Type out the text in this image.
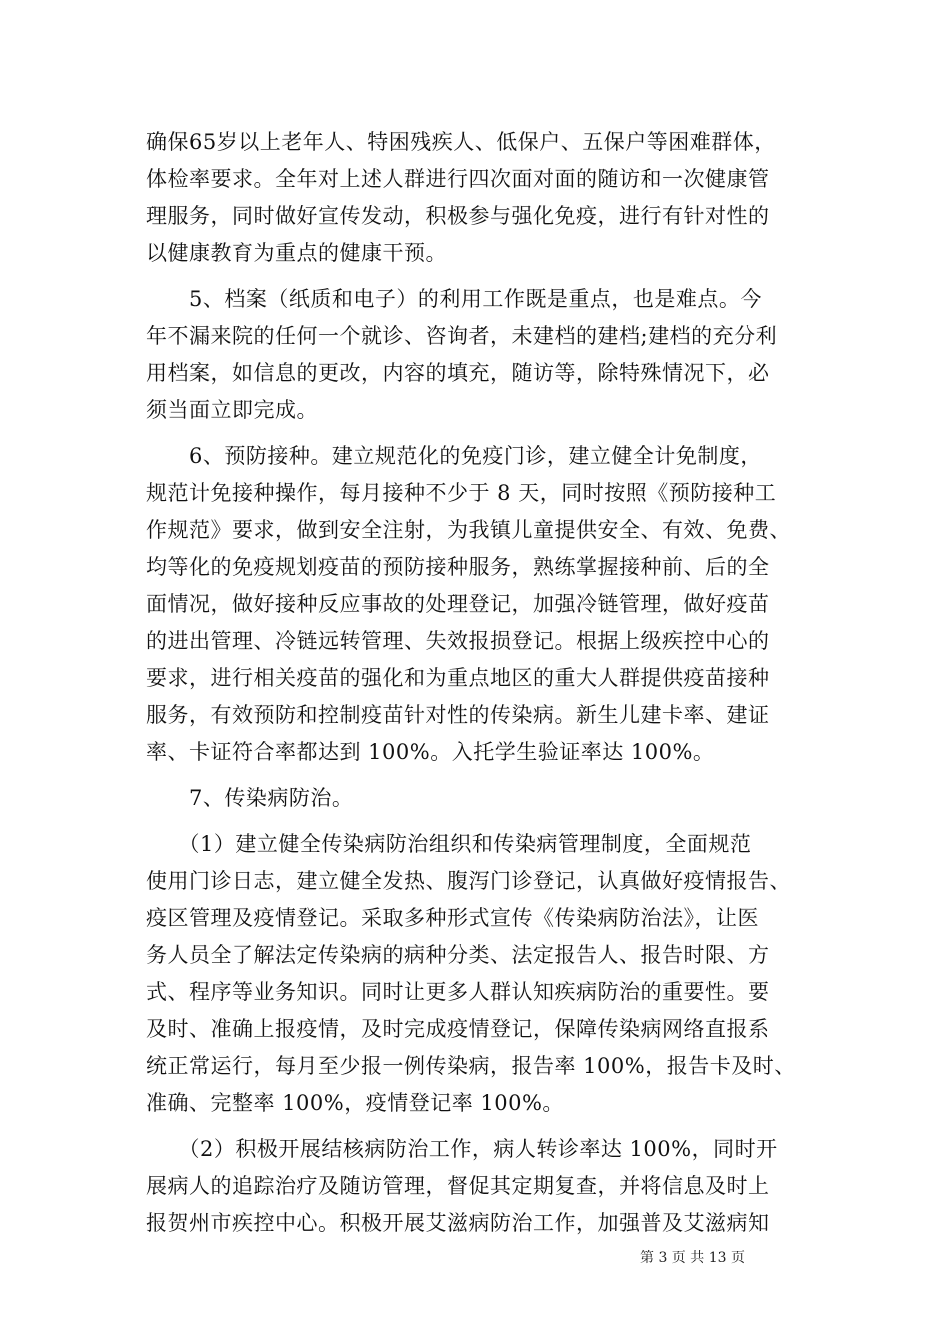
确保65岁以上老年人、特困残疾人、低保户、五保户等困难群体，
体检率要求。全年对上述人群进行四次面对面的随访和一次健康管
理服务，同时做好宣传发动，积极参与强化免疫，进行有针对性的
以健康教育为重点的健康干预。
　　5、档案（纸质和电子）的利用工作既是重点，也是难点。今
年不漏来院的任何一个就诊、咨询者，未建档的建档;建档的充分利
用档案，如信息的更改，内容的填充，随访等，除特殊情况下，必
须当面立即完成。
　　6、预防接种。建立规范化的免疫门诊，建立健全计免制度，
规范计免接种操作，每月接种不少于 8 天，同时按照《预防接种工
作规范》要求，做到安全注射，为我镇儿童提供安全、有效、免费、
均等化的免疫规划疫苗的预防接种服务，熟练掌握接种前、后的全
面情况，做好接种反应事故的处理登记，加强冷链管理，做好疫苗
的进出管理、冷链远转管理、失效报损登记。根据上级疾控中心的
要求，进行相关疫苗的强化和为重点地区的重大人群提供疫苗接种
服务，有效预防和控制疫苗针对性的传染病。新生儿建卡率、建证
率、卡证符合率都达到 100%。入托学生验证率达 100%。
　　7、传染病防治。
　　（1）建立健全传染病防治组织和传染病管理制度，全面规范
使用门诊日志，建立健全发热、腹泻门诊登记，认真做好疫情报告、
疫区管理及疫情登记。采取多种形式宣传《传染病防治法》，让医
务人员全了解法定传染病的病种分类、法定报告人、报告时限、方
式、程序等业务知识。同时让更多人群认知疾病防治的重要性。要
及时、准确上报疫情，及时完成疫情登记，保障传染病网络直报系
统正常运行，每月至少报一例传染病，报告率 100%，报告卡及时、
准确、完整率 100%，疫情登记率 100%。
　　（2）积极开展结核病防治工作，病人转诊率达 100%，同时开
展病人的追踪治疗及随访管理，督促其定期复查，并将信息及时上
报贺州市疾控中心。积极开展艾滋病防治工作，加强普及艾滋病知
第 3 页 共 13 页
